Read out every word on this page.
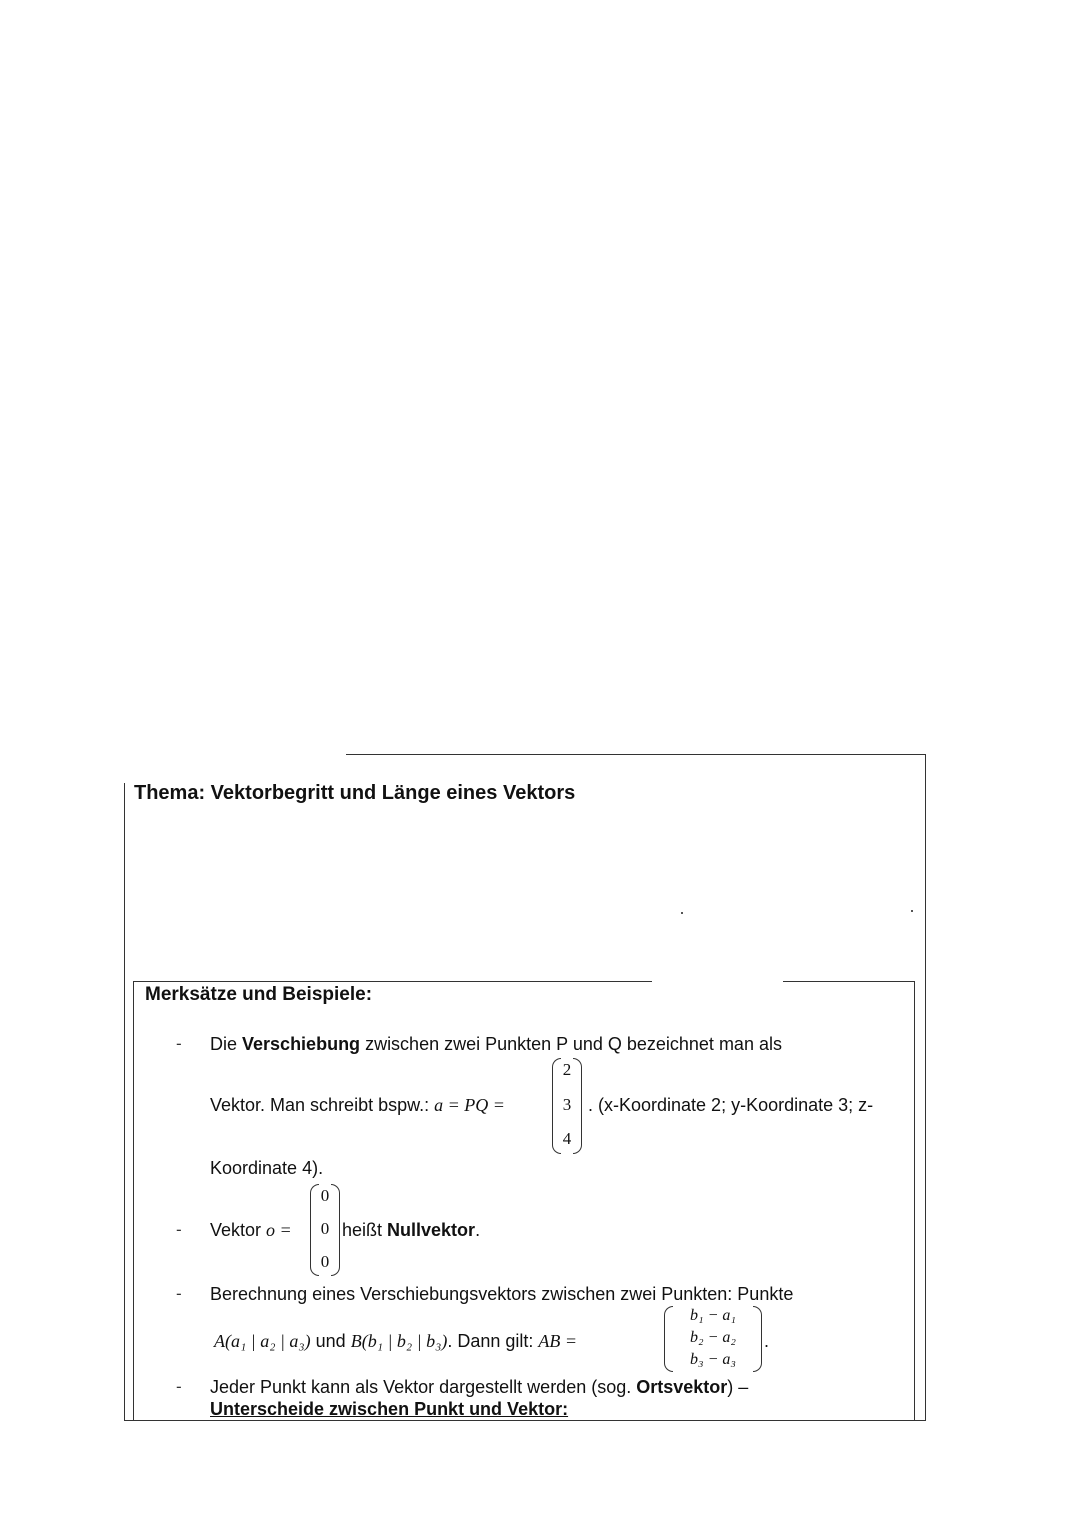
Thema: Vektorbegritt und Länge eines Vektors
Merksätze und Beispiele:
- Die Verschiebung zwischen zwei Punkten P und Q bezeichnet man als
Vektor. Man schreibt bspw.: a = PQ =
2
3
4
. (x-Koordinate 2; y-Koordinate 3; z-
Koordinate 4).
- Vektor o =
0
0
0
heißt Nullvektor.
- Berechnung eines Verschiebungsvektors zwischen zwei Punkten: Punkte
A(a₁ | a₂ | a₃) und B(b₁ | b₂ | b₃). Dann gilt: AB =
b₁ − a₁
b₂ − a₂
b₃ − a₃
.
- Jeder Punkt kann als Vektor dargestellt werden (sog. Ortsvektor) –
Unterscheide zwischen Punkt und Vektor:
